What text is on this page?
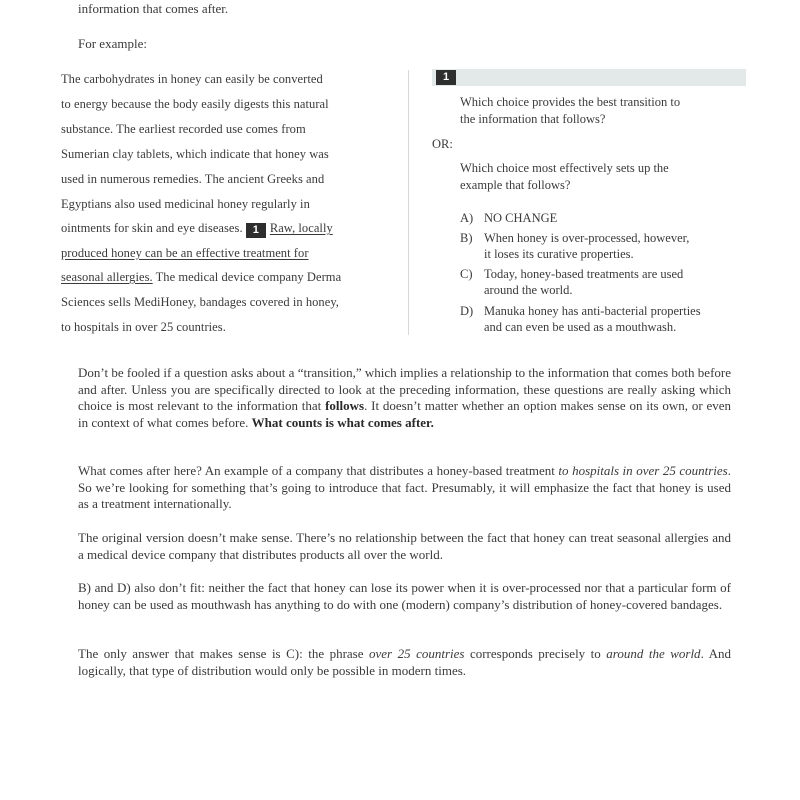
information that comes after.
For example:
The carbohydrates in honey can easily be converted
to energy because the body easily digests this natural
substance. The earliest recorded use comes from
Sumerian clay tablets, which indicate that honey was
used in numerous remedies. The ancient Greeks and
Egyptians also used medicinal honey regularly in
ointments for skin and eye diseases. 1 Raw, locally
produced honey can be an effective treatment for
seasonal allergies. The medical device company Derma
Sciences sells MediHoney, bandages covered in honey,
to hospitals in over 25 countries.
1
Which choice provides the best transition to
the information that follows?
OR:
Which choice most effectively sets up the
example that follows?
A) NO CHANGE
B) When honey is over-processed, however,
it loses its curative properties.
C) Today, honey-based treatments are used
around the world.
D) Manuka honey has anti-bacterial properties
and can even be used as a mouthwash.
Don’t be fooled if a question asks about a “transition,” which implies a relationship to the information that comes both before and after. Unless you are specifically directed to look at the preceding information, these questions are really asking which choice is most relevant to the information that follows. It doesn’t matter whether an option makes sense on its own, or even in context of what comes before. What counts is what comes after.
What comes after here? An example of a company that distributes a honey-based treatment to hospitals in over 25 countries. So we’re looking for something that’s going to introduce that fact. Presumably, it will emphasize the fact that honey is used as a treatment internationally.
The original version doesn’t make sense. There’s no relationship between the fact that honey can treat seasonal allergies and a medical device company that distributes products all over the world.
B) and D) also don’t fit: neither the fact that honey can lose its power when it is over-processed nor that a particular form of honey can be used as mouthwash has anything to do with one (modern) company’s distribution of honey-covered bandages.
The only answer that makes sense is C): the phrase over 25 countries corresponds precisely to around the world. And logically, that type of distribution would only be possible in modern times.
